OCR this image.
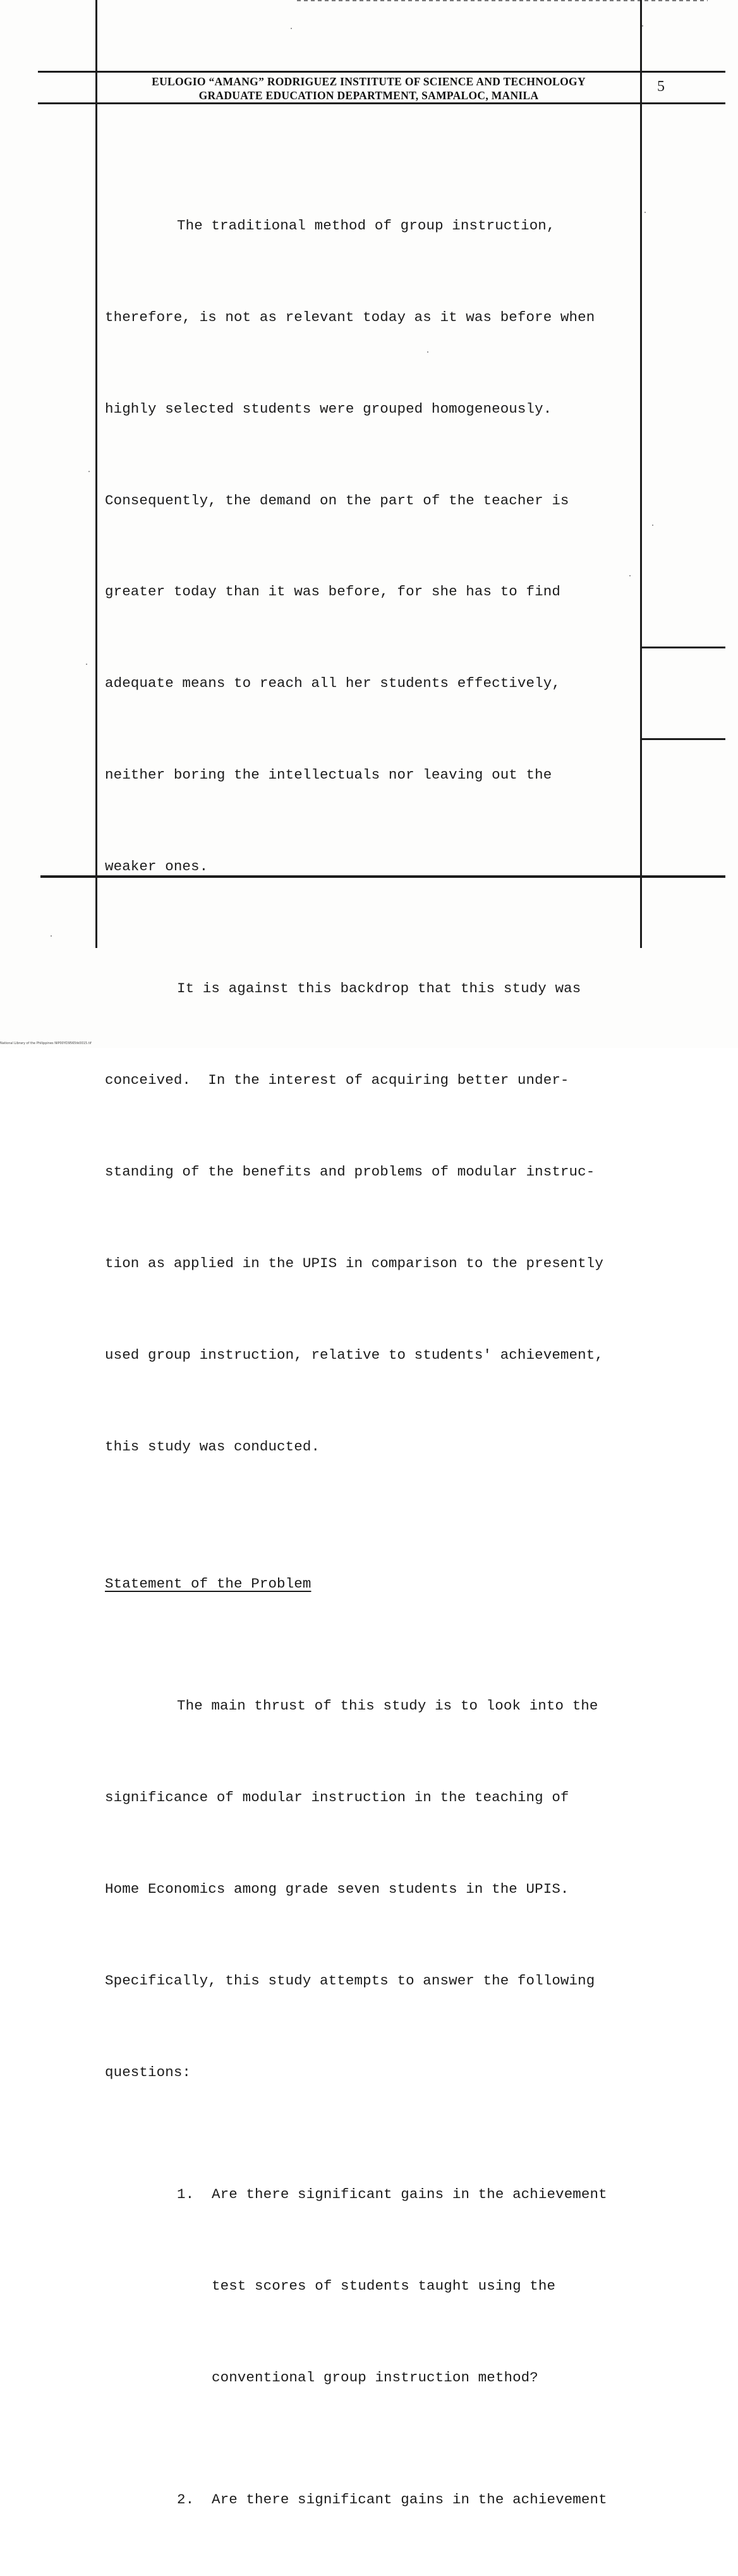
EULOGIO “AMANG” RODRIGUEZ INSTITUTE OF SCIENCE AND TECHNOLOGY
GRADUATE EDUCATION DEPARTMENT, SAMPALOC, MANILA
5

The traditional method of group instruction,

therefore, is not as relevant today as it was before when

highly selected students were grouped homogeneously.

Consequently, the demand on the part of the teacher is

greater today than it was before, for she has to find

adequate means to reach all her students effectively,

neither boring the intellectuals nor leaving out the

weaker ones.

It is against this backdrop that this study was

conceived.  In the interest of acquiring better under-

standing of the benefits and problems of modular instruc-

tion as applied in the UPIS in comparison to the presently

used group instruction, relative to students' achievement,

this study was conducted.

Statement of the Problem

The main thrust of this study is to look into the

significance of modular instruction in the teaching of

Home Economics among grade seven students in the UPIS.

Specifically, this study attempts to answer the following

questions:

1. Are there significant gains in the achievement

test scores of students taught using the

conventional group instruction method?

2. Are there significant gains in the achievement

National Library of the Philippines NIP00YD9565tk0015.tif
